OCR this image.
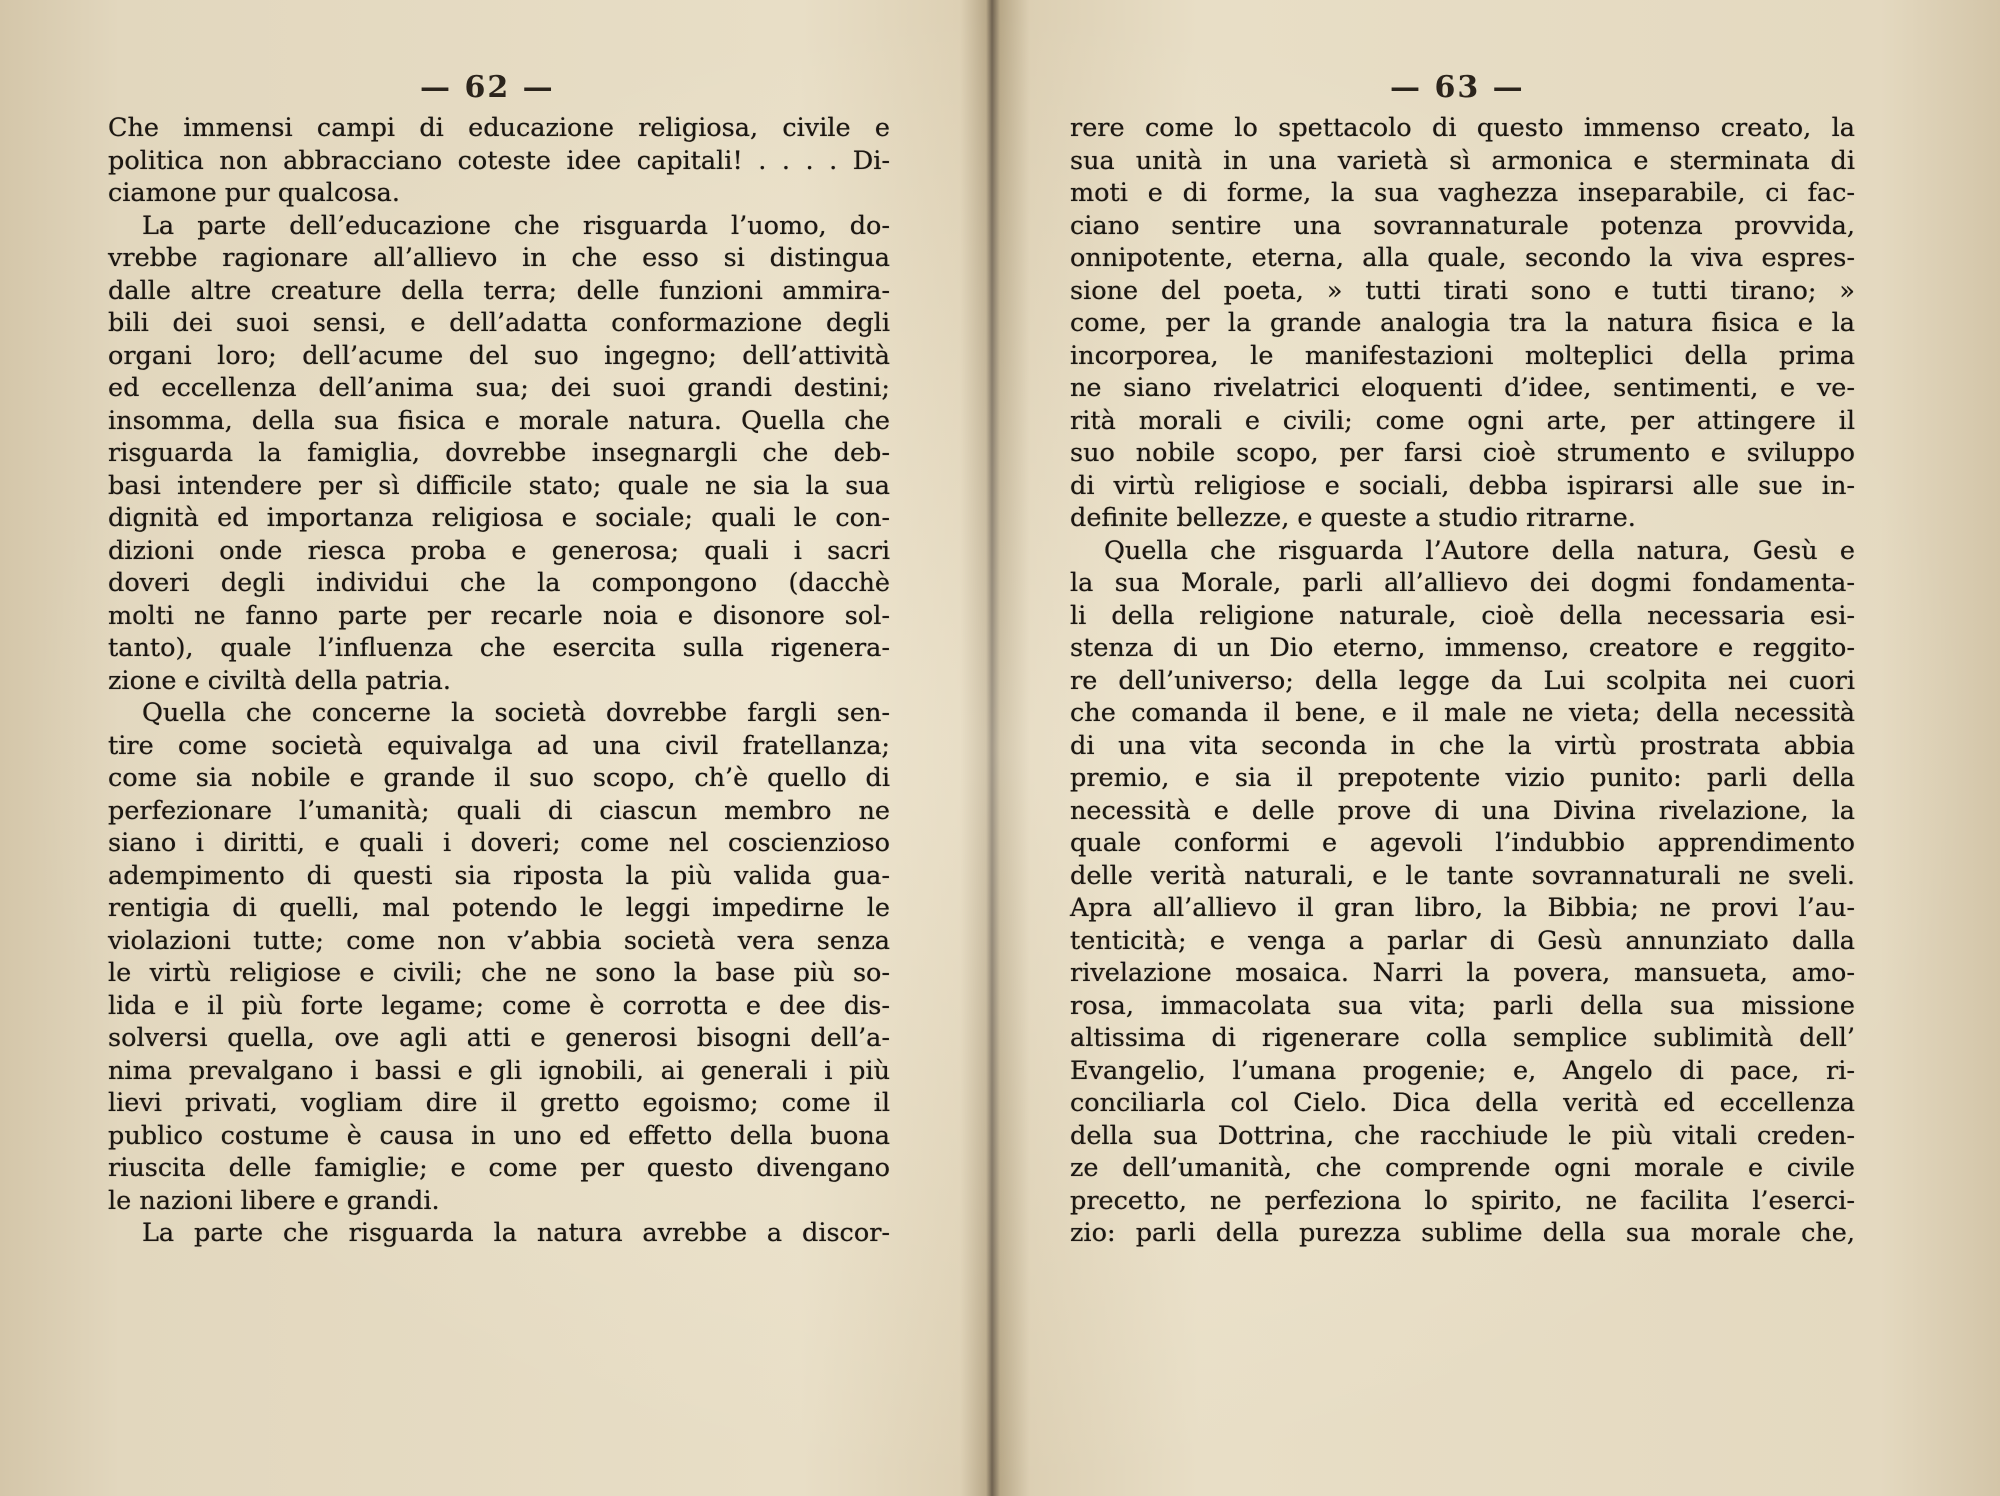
— 62 —
Che immensi campi di educazione religiosa, civile e
politica non abbracciano coteste idee capitali! . . . . Di-
ciamone pur qualcosa.
La parte dell’educazione che risguarda l’uomo, do-
vrebbe ragionare all’allievo in che esso si distingua
dalle altre creature della terra; delle funzioni ammira-
bili dei suoi sensi, e dell’adatta conformazione degli
organi loro; dell’acume del suo ingegno; dell’attività
ed eccellenza dell’anima sua; dei suoi grandi destini;
insomma, della sua fisica e morale natura. Quella che
risguarda la famiglia, dovrebbe insegnargli che deb-
basi intendere per sì difficile stato; quale ne sia la sua
dignità ed importanza religiosa e sociale; quali le con-
dizioni onde riesca proba e generosa; quali i sacri
doveri degli individui che la compongono (dacchè
molti ne fanno parte per recarle noia e disonore sol-
tanto), quale l’influenza che esercita sulla rigenera-
zione e civiltà della patria.
Quella che concerne la società dovrebbe fargli sen-
tire come società equivalga ad una civil fratellanza;
come sia nobile e grande il suo scopo, ch’è quello di
perfezionare l’umanità; quali di ciascun membro ne
siano i diritti, e quali i doveri; come nel coscienzioso
adempimento di questi sia riposta la più valida gua-
rentigia di quelli, mal potendo le leggi impedirne le
violazioni tutte; come non v’abbia società vera senza
le virtù religiose e civili; che ne sono la base più so-
lida e il più forte legame; come è corrotta e dee dis-
solversi quella, ove agli atti e generosi bisogni dell’a-
nima prevalgano i bassi e gli ignobili, ai generali i più
lievi privati, vogliam dire il gretto egoismo; come il
publico costume è causa in uno ed effetto della buona
riuscita delle famiglie; e come per questo divengano
le nazioni libere e grandi.
La parte che risguarda la natura avrebbe a discor-
— 63 —
rere come lo spettacolo di questo immenso creato, la
sua unità in una varietà sì armonica e sterminata di
moti e di forme, la sua vaghezza inseparabile, ci fac-
ciano sentire una sovrannaturale potenza provvida,
onnipotente, eterna, alla quale, secondo la viva espres-
sione del poeta, » tutti tirati sono e tutti tirano; »
come, per la grande analogia tra la natura fisica e la
incorporea, le manifestazioni molteplici della prima
ne siano rivelatrici eloquenti d’idee, sentimenti, e ve-
rità morali e civili; come ogni arte, per attingere il
suo nobile scopo, per farsi cioè strumento e sviluppo
di virtù religiose e sociali, debba ispirarsi alle sue in-
definite bellezze, e queste a studio ritrarne.
Quella che risguarda l’Autore della natura, Gesù e
la sua Morale, parli all’allievo dei dogmi fondamenta-
li della religione naturale, cioè della necessaria esi-
stenza di un Dio eterno, immenso, creatore e reggito-
re dell’universo; della legge da Lui scolpita nei cuori
che comanda il bene, e il male ne vieta; della necessità
di una vita seconda in che la virtù prostrata abbia
premio, e sia il prepotente vizio punito: parli della
necessità e delle prove di una Divina rivelazione, la
quale conformi e agevoli l’indubbio apprendimento
delle verità naturali, e le tante sovrannaturali ne sveli.
Apra all’allievo il gran libro, la Bibbia; ne provi l’au-
tenticità; e venga a parlar di Gesù annunziato dalla
rivelazione mosaica. Narri la povera, mansueta, amo-
rosa, immacolata sua vita; parli della sua missione
altissima di rigenerare colla semplice sublimità dell’
Evangelio, l’umana progenie; e, Angelo di pace, ri-
conciliarla col Cielo. Dica della verità ed eccellenza
della sua Dottrina, che racchiude le più vitali creden-
ze dell’umanità, che comprende ogni morale e civile
precetto, ne perfeziona lo spirito, ne facilita l’eserci-
zio: parli della purezza sublime della sua morale che,
